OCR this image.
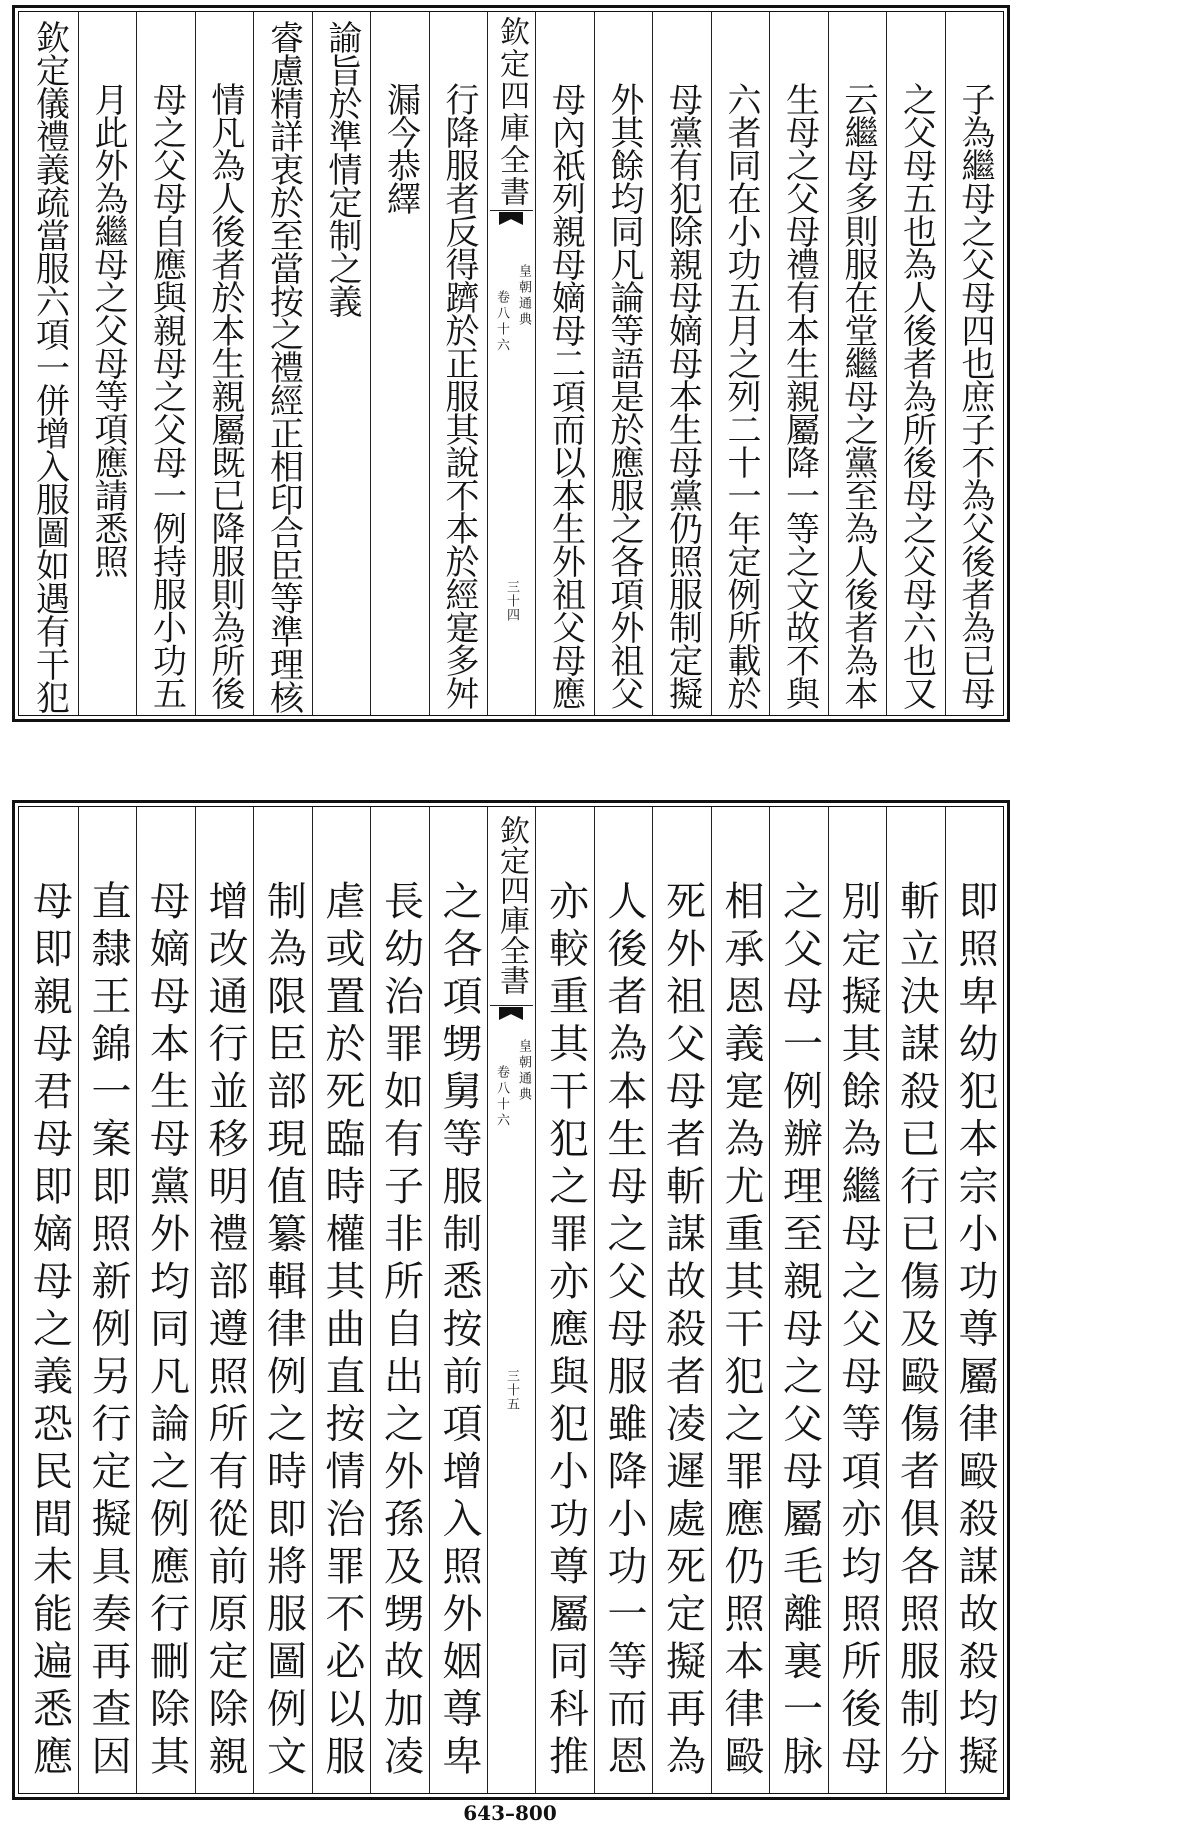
子為繼母之父母四也庶子不為父後者為已母
之父母五也為人後者為所後母之父母六也又
云繼母多則服在堂繼母之黨至為人後者為本
生母之父母禮有本生親屬降一等之文故不與
六者同在小功五月之列二十一年定例所載於
母黨有犯除親母嫡母本生母黨仍照服制定擬
外其餘均同凡論等語是於應服之各項外祖父
母內祇列親母嫡母二項而以本生外祖父母應
欽定四庫全書
皇朝通典
卷八十六
三十四
行降服者反得躋於正服其說不本於經寔多舛
漏今恭繹
諭旨於準情定制之義
睿慮精詳衷於至當按之禮經正相印合臣等準理核
情凡為人後者於本生親屬既已降服則為所後
母之父母自應與親母之父母一例持服小功五
月此外為繼母之父母等項應請悉照
欽定儀禮義疏當服六項一併增入服圖如遇有干犯
即照卑幼犯本宗小功尊屬律毆殺謀故殺均擬
斬立決謀殺已行已傷及毆傷者俱各照服制分
別定擬其餘為繼母之父母等項亦均照所後母
之父母一例辦理至親母之父母屬毛離裏一脉
相承恩義寔為尤重其干犯之罪應仍照本律毆
死外祖父母者斬謀故殺者凌遲處死定擬再為
人後者為本生母之父母服雖降小功一等而恩
亦較重其干犯之罪亦應與犯小功尊屬同科推
欽定四庫全書
皇朝通典
卷八十六
三十五
之各項甥舅等服制悉按前項增入照外姻尊卑
長幼治罪如有子非所自出之外孫及甥故加凌
虐或置於死臨時權其曲直按情治罪不必以服
制為限臣部現值纂輯律例之時即將服圖例文
增改通行並移明禮部遵照所有從前原定除親
母嫡母本生母黨外均同凡論之例應行刪除其
直隸王錦一案即照新例另行定擬具奏再查因
母即親母君母即嫡母之義恐民間未能遍悉應
643–800
